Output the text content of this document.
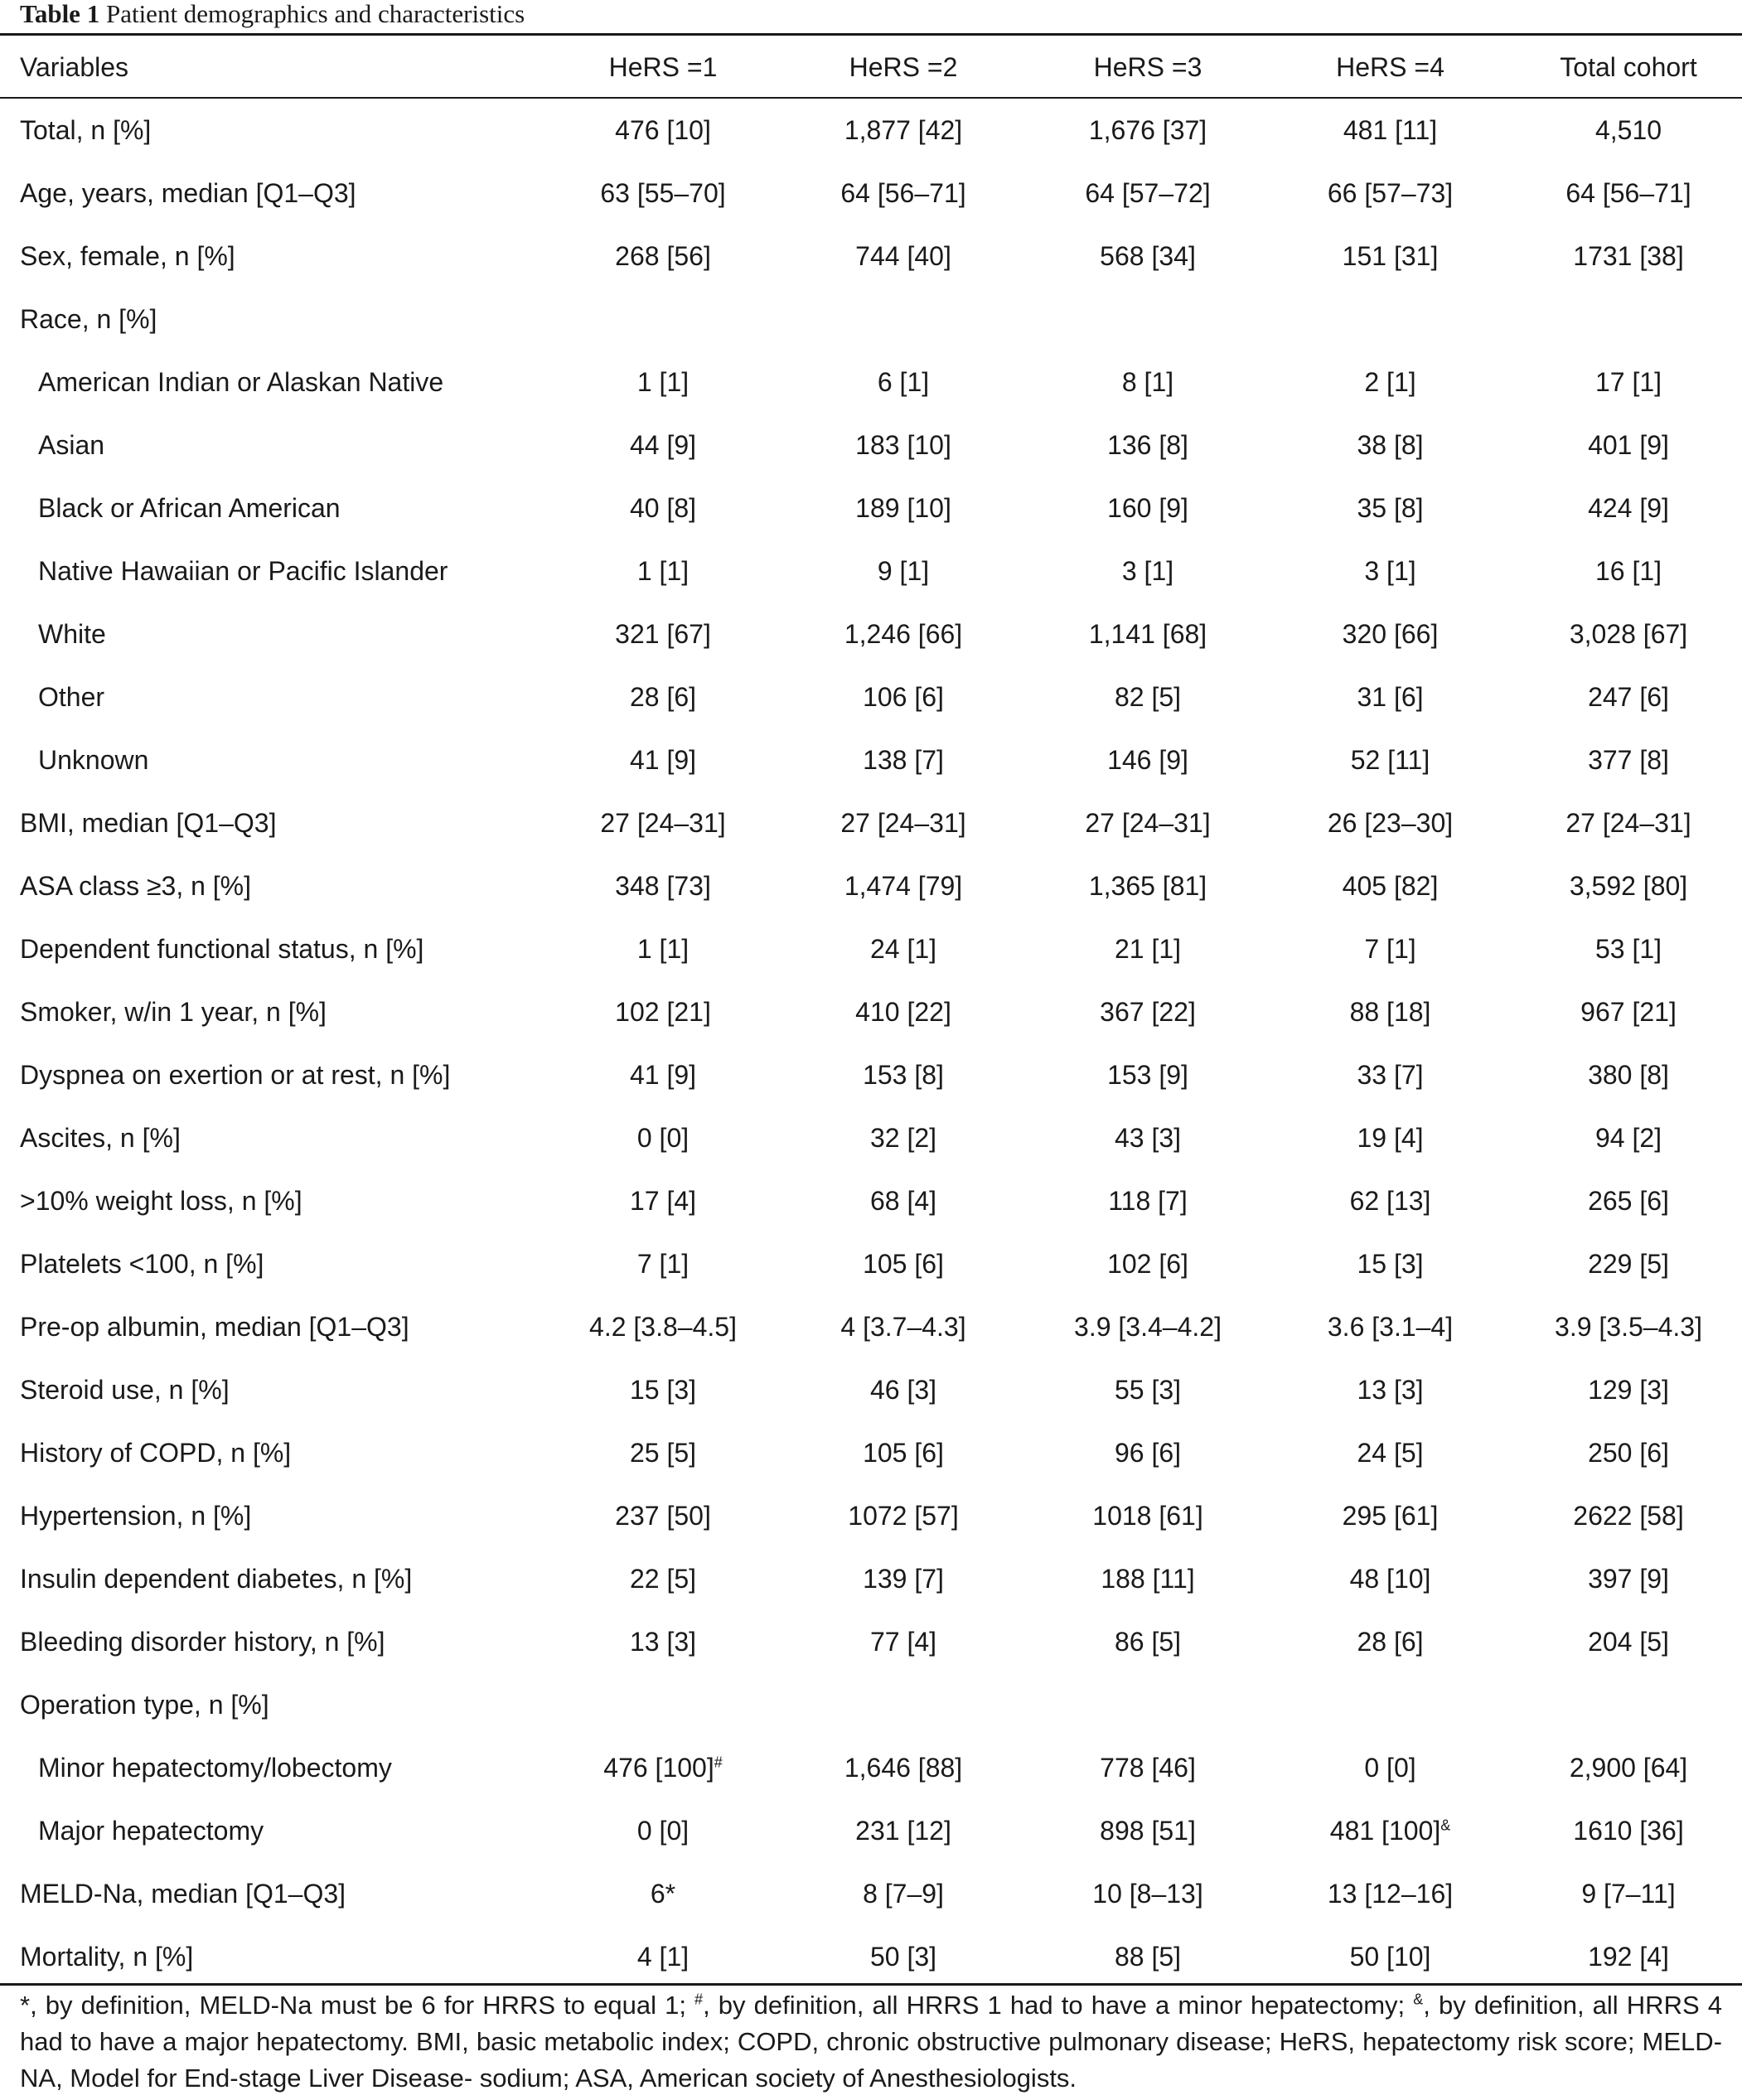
Table 1 Patient demographics and characteristics
Variables	HeRS =1	HeRS =2	HeRS =3	HeRS =4	Total cohort
Total, n [%]	476 [10]	1,877 [42]	1,676 [37]	481 [11]	4,510
Age, years, median [Q1–Q3]	63 [55–70]	64 [56–71]	64 [57–72]	66 [57–73]	64 [56–71]
Sex, female, n [%]	268 [56]	744 [40]	568 [34]	151 [31]	1731 [38]
Race, n [%]
American Indian or Alaskan Native	1 [1]	6 [1]	8 [1]	2 [1]	17 [1]
Asian	44 [9]	183 [10]	136 [8]	38 [8]	401 [9]
Black or African American	40 [8]	189 [10]	160 [9]	35 [8]	424 [9]
Native Hawaiian or Pacific Islander	1 [1]	9 [1]	3 [1]	3 [1]	16 [1]
White	321 [67]	1,246 [66]	1,141 [68]	320 [66]	3,028 [67]
Other	28 [6]	106 [6]	82 [5]	31 [6]	247 [6]
Unknown	41 [9]	138 [7]	146 [9]	52 [11]	377 [8]
BMI, median [Q1–Q3]	27 [24–31]	27 [24–31]	27 [24–31]	26 [23–30]	27 [24–31]
ASA class ≥3, n [%]	348 [73]	1,474 [79]	1,365 [81]	405 [82]	3,592 [80]
Dependent functional status, n [%]	1 [1]	24 [1]	21 [1]	7 [1]	53 [1]
Smoker, w/in 1 year, n [%]	102 [21]	410 [22]	367 [22]	88 [18]	967 [21]
Dyspnea on exertion or at rest, n [%]	41 [9]	153 [8]	153 [9]	33 [7]	380 [8]
Ascites, n [%]	0 [0]	32 [2]	43 [3]	19 [4]	94 [2]
>10% weight loss, n [%]	17 [4]	68 [4]	118 [7]	62 [13]	265 [6]
Platelets <100, n [%]	7 [1]	105 [6]	102 [6]	15 [3]	229 [5]
Pre-op albumin, median [Q1–Q3]	4.2 [3.8–4.5]	4 [3.7–4.3]	3.9 [3.4–4.2]	3.6 [3.1–4]	3.9 [3.5–4.3]
Steroid use, n [%]	15 [3]	46 [3]	55 [3]	13 [3]	129 [3]
History of COPD, n [%]	25 [5]	105 [6]	96 [6]	24 [5]	250 [6]
Hypertension, n [%]	237 [50]	1072 [57]	1018 [61]	295 [61]	2622 [58]
Insulin dependent diabetes, n [%]	22 [5]	139 [7]	188 [11]	48 [10]	397 [9]
Bleeding disorder history, n [%]	13 [3]	77 [4]	86 [5]	28 [6]	204 [5]
Operation type, n [%]
Minor hepatectomy/lobectomy	476 [100]#	1,646 [88]	778 [46]	0 [0]	2,900 [64]
Major hepatectomy	0 [0]	231 [12]	898 [51]	481 [100]&	1610 [36]
MELD-Na, median [Q1–Q3]	6*	8 [7–9]	10 [8–13]	13 [12–16]	9 [7–11]
Mortality, n [%]	4 [1]	50 [3]	88 [5]	50 [10]	192 [4]

*, by definition, MELD-Na must be 6 for HRRS to equal 1; #, by definition, all HRRS 1 had to have a minor hepatectomy; &, by definition, all HRRS 4 had to have a major hepatectomy. BMI, basic metabolic index; COPD, chronic obstructive pulmonary disease; HeRS, hepatectomy risk score; MELD-NA, Model for End-stage Liver Disease- sodium; ASA, American society of Anesthesiologists.
